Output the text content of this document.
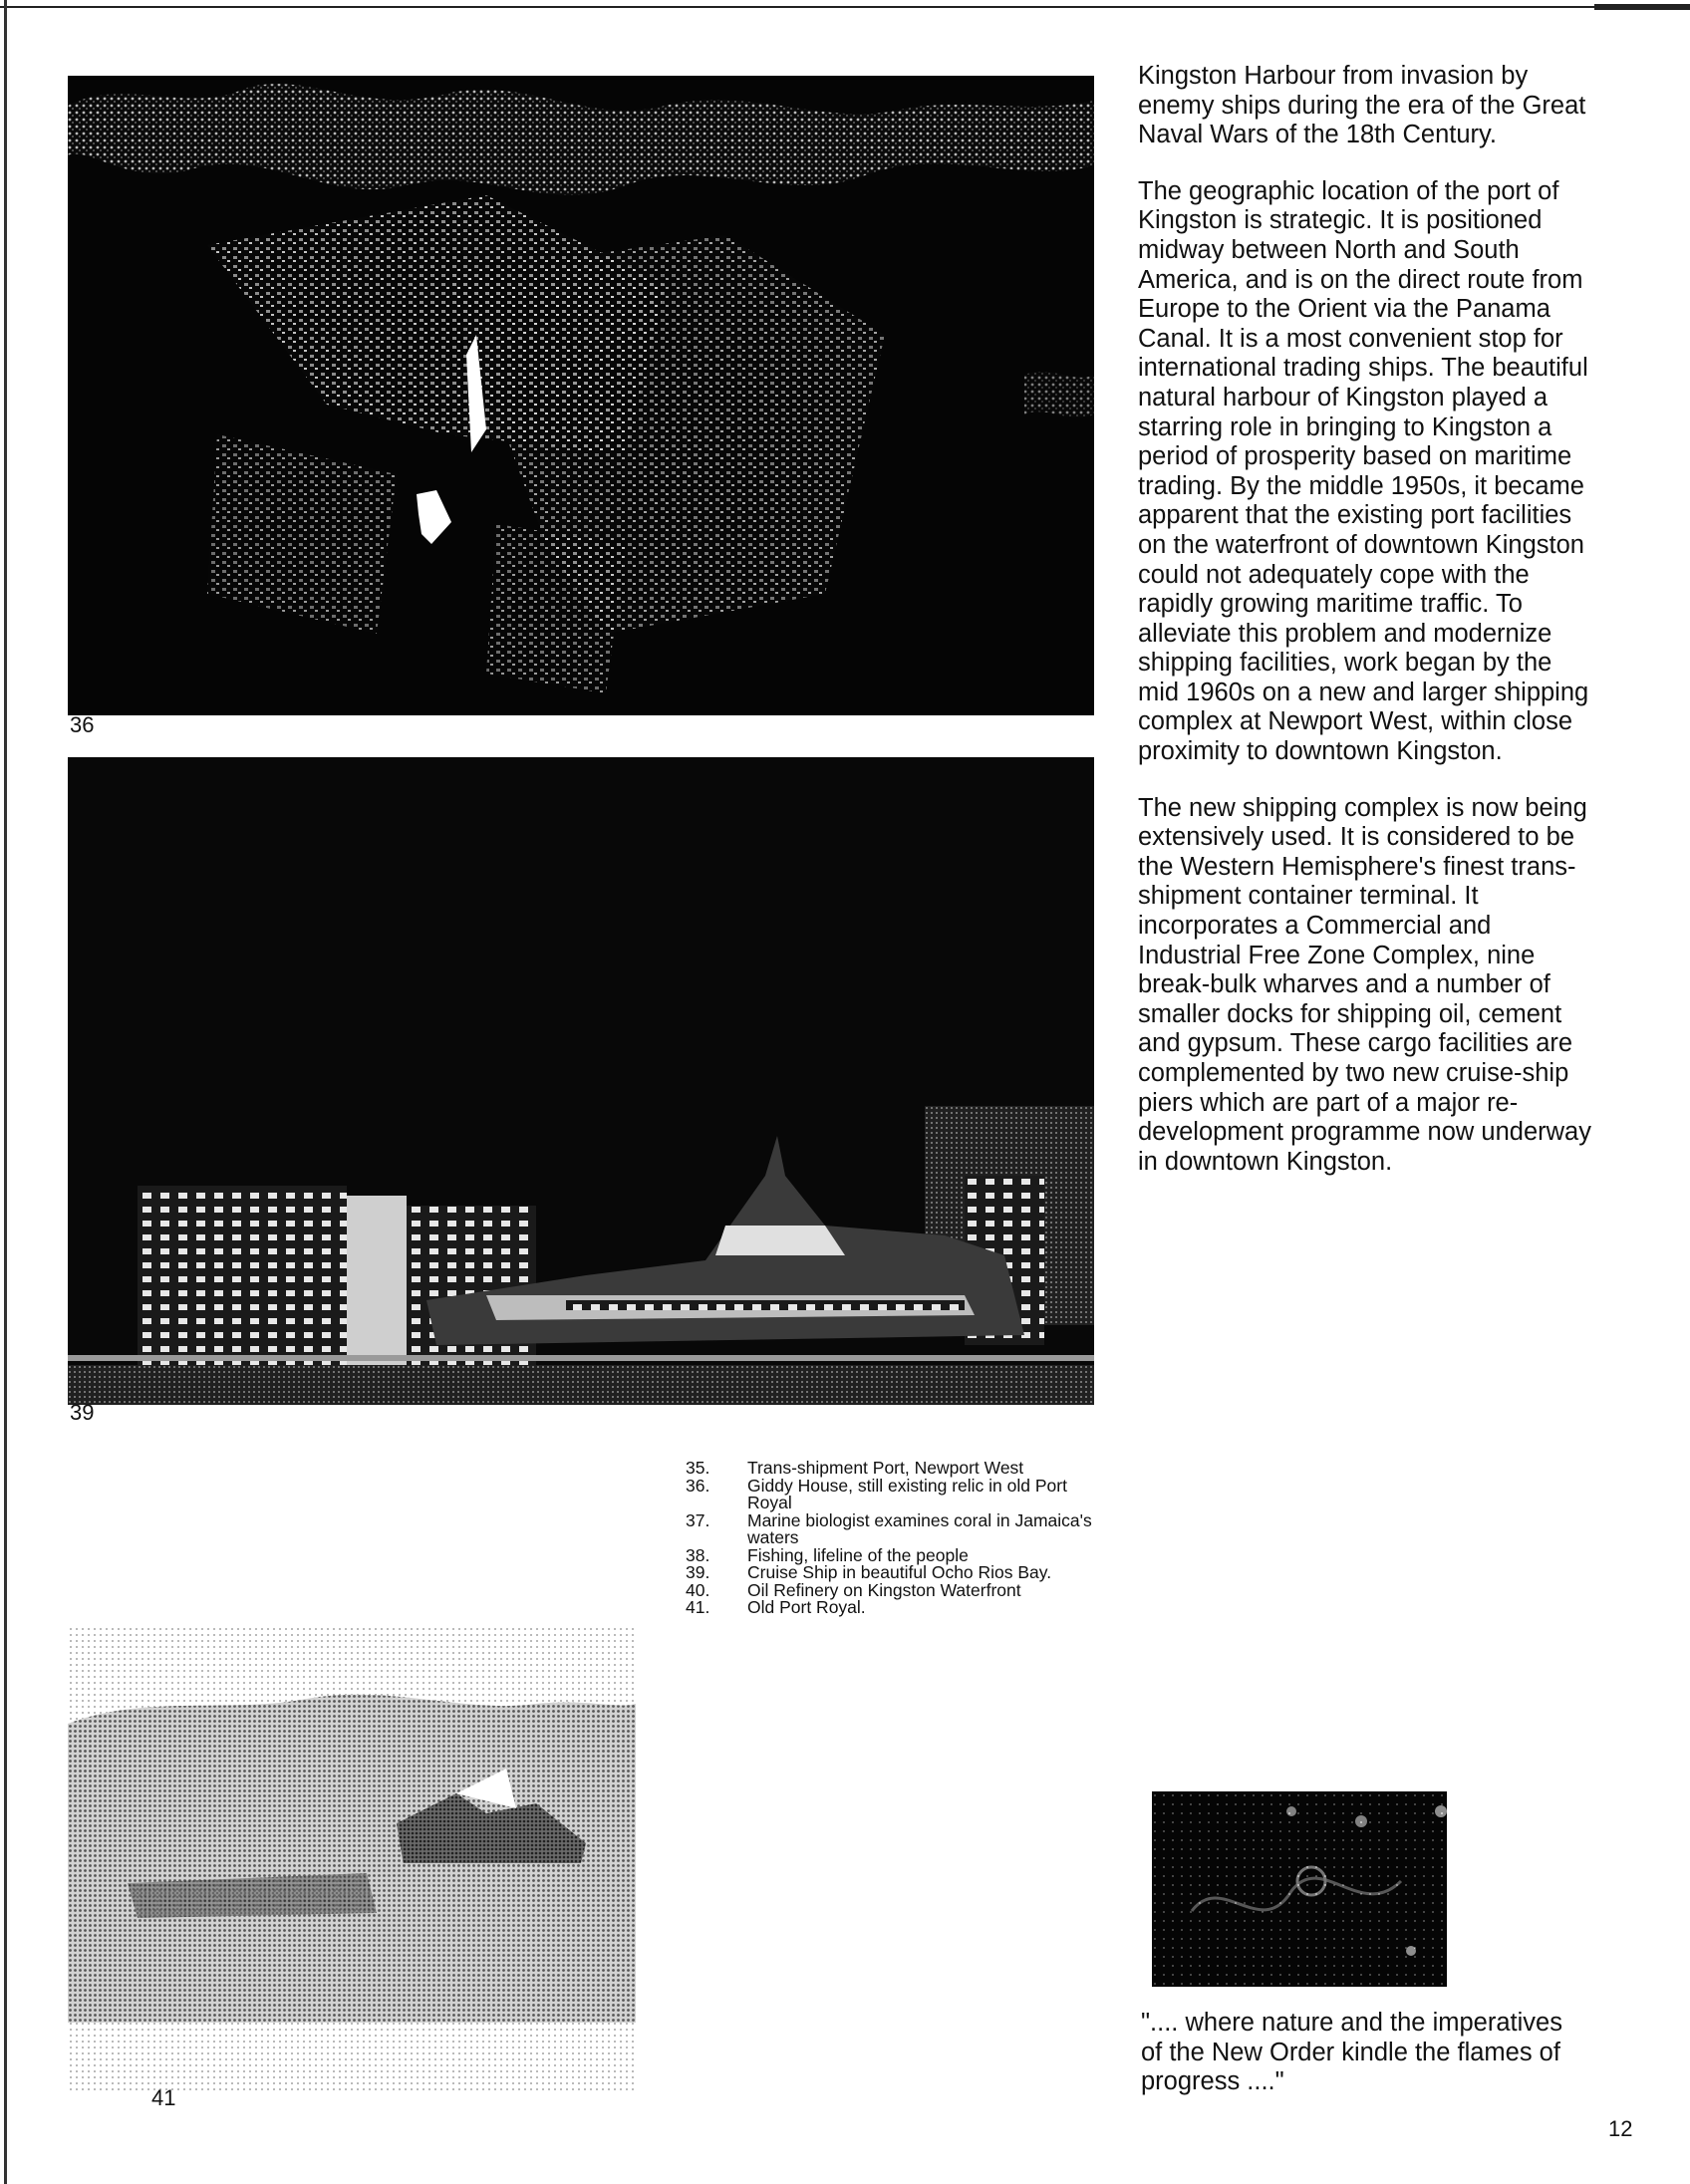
36
39
41

Kingston Harbour from invasion by enemy ships during the era of the Great Naval Wars of the 18th Century.

The geographic location of the port of Kingston is strategic. It is positioned midway between North and South America, and is on the direct route from Europe to the Orient via the Panama Canal. It is a most convenient stop for international trading ships. The beautiful natural harbour of Kingston played a starring role in bringing to Kingston a period of prosperity based on maritime trading. By the middle 1950s, it became apparent that the existing port facilities on the waterfront of downtown Kingston could not adequately cope with the rapidly growing maritime traffic. To alleviate this problem and modernize shipping facilities, work began by the mid 1960s on a new and larger shipping complex at Newport West, within close proximity to downtown Kingston.

The new shipping complex is now being extensively used. It is considered to be the Western Hemisphere's finest trans-shipment container terminal. It incorporates a Commercial and Industrial Free Zone Complex, nine break-bulk wharves and a number of smaller docks for shipping oil, cement and gypsum. These cargo facilities are complemented by two new cruise-ship piers which are part of a major re-development programme now underway in downtown Kingston.

35.	Trans-shipment Port, Newport West
36.	Giddy House, still existing relic in old Port Royal
37.	Marine biologist examines coral in Jamaica's waters
38.	Fishing, lifeline of the people
39.	Cruise Ship in beautiful Ocho Rios Bay.
40.	Oil Refinery on Kingston Waterfront
41.	Old Port Royal.
".... where nature and the imperatives of the New Order kindle the flames of progress ...."
12
